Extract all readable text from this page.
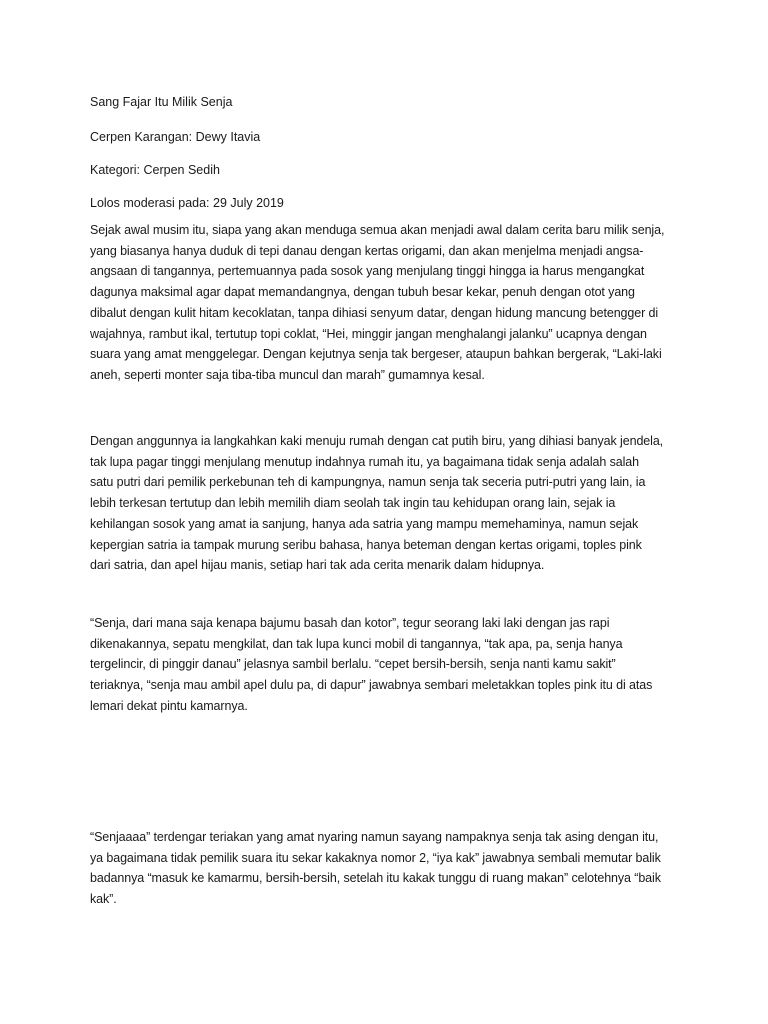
Sang Fajar Itu Milik Senja
Cerpen Karangan: Dewy Itavia
Kategori: Cerpen Sedih
Lolos moderasi pada: 29 July 2019
Sejak awal musim itu, siapa yang akan menduga semua akan menjadi awal dalam cerita baru milik senja,
yang biasanya hanya duduk di tepi danau dengan kertas origami, dan akan menjelma menjadi angsa-
angsaan di tangannya, pertemuannya pada sosok yang menjulang tinggi hingga ia harus mengangkat
dagunya maksimal agar dapat memandangnya, dengan tubuh besar kekar, penuh dengan otot yang
dibalut dengan kulit hitam kecoklatan, tanpa dihiasi senyum datar, dengan hidung mancung betengger di
wajahnya, rambut ikal, tertutup topi coklat, “Hei, minggir jangan menghalangi jalanku” ucapnya dengan
suara yang amat menggelegar. Dengan kejutnya senja tak bergeser, ataupun bahkan bergerak, “Laki-laki
aneh, seperti monter saja tiba-tiba muncul dan marah” gumamnya kesal.
Dengan anggunnya ia langkahkan kaki menuju rumah dengan cat putih biru, yang dihiasi banyak jendela,
tak lupa pagar tinggi menjulang menutup indahnya rumah itu, ya bagaimana tidak senja adalah salah
satu putri dari pemilik perkebunan teh di kampungnya, namun senja tak seceria putri-putri yang lain, ia
lebih terkesan tertutup dan lebih memilih diam seolah tak ingin tau kehidupan orang lain, sejak ia
kehilangan sosok yang amat ia sanjung, hanya ada satria yang mampu memehaminya, namun sejak
kepergian satria ia tampak murung seribu bahasa, hanya beteman dengan kertas origami, toples pink
dari satria, dan apel hijau manis, setiap hari tak ada cerita menarik dalam hidupnya.
“Senja, dari mana saja kenapa bajumu basah dan kotor”, tegur seorang laki laki dengan jas rapi
dikenakannya, sepatu mengkilat, dan tak lupa kunci mobil di tangannya, “tak apa, pa, senja hanya
tergelincir, di pinggir danau” jelasnya sambil berlalu. “cepet bersih-bersih, senja nanti kamu sakit”
teriaknya, “senja mau ambil apel dulu pa, di dapur” jawabnya sembari meletakkan toples pink itu di atas
lemari dekat pintu kamarnya.
“Senjaaaa” terdengar teriakan yang amat nyaring namun sayang nampaknya senja tak asing dengan itu,
ya bagaimana tidak pemilik suara itu sekar kakaknya nomor 2, “iya kak” jawabnya sembali memutar balik
badannya “masuk ke kamarmu, bersih-bersih, setelah itu kakak tunggu di ruang makan” celotehnya “baik
kak”.
